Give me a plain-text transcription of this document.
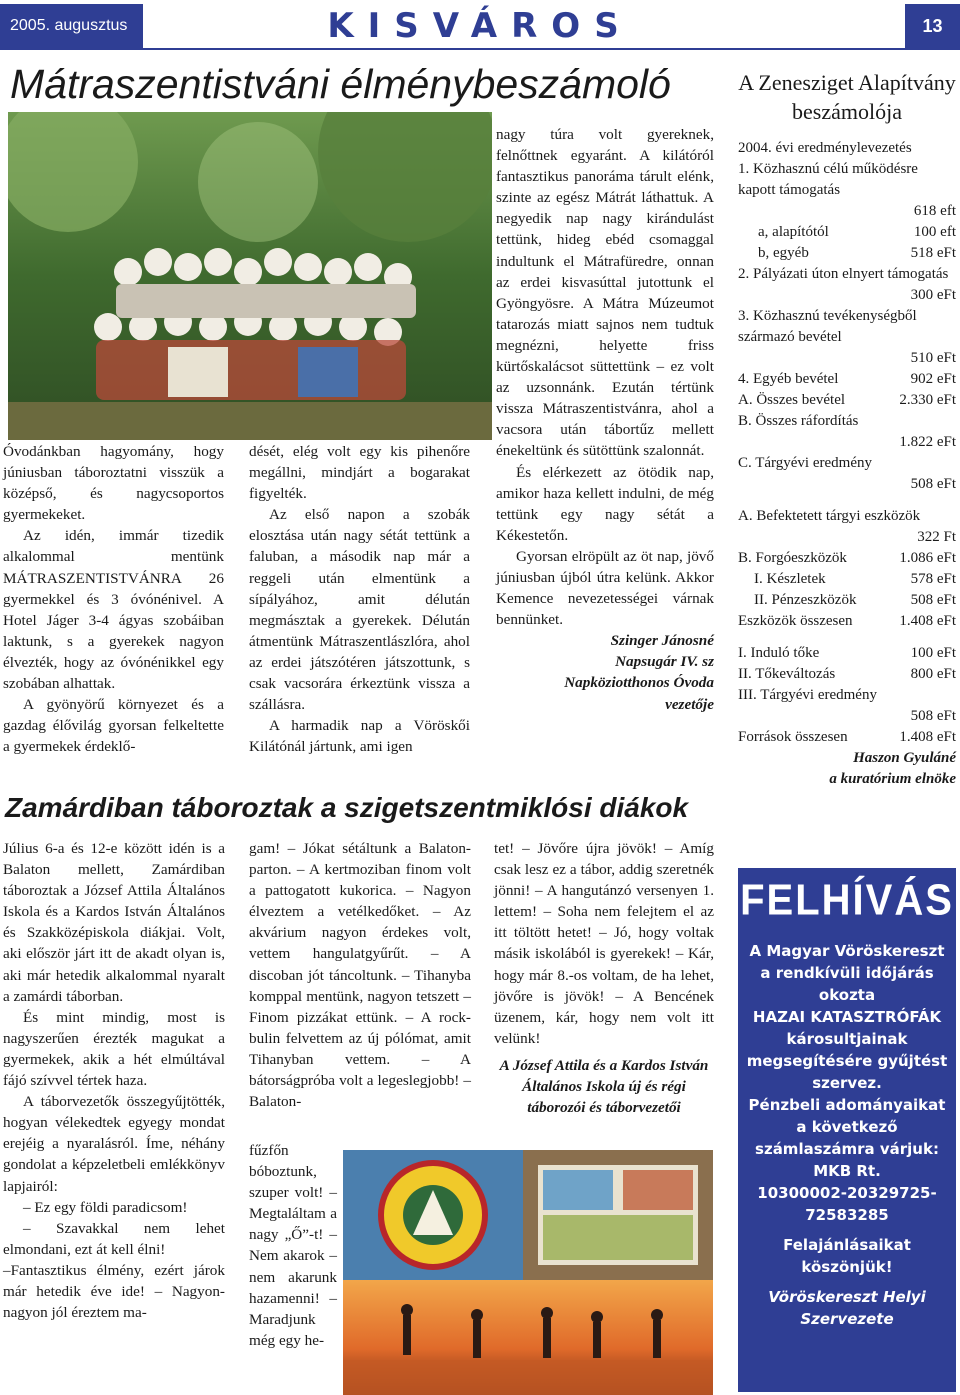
2005. augusztus	KISVÁROS	13
Mátraszentistváni élménybeszámoló

Óvodánkban hagyomány, hogy júniusban táboroztatni visszük a középső, és nagycsoportos gyermekeket.

Az idén, immár tizedik alkalommal mentünk MÁTRASZENTISTVÁNRA 26 gyermekkel és 3 óvónénivel. A Hotel Jáger 3-4 ágyas szobáiban laktunk, s a gyerekek nagyon élvezték, hogy az óvónénikkel egy szobában alhattak.

A gyönyörű környezet és a gazdag élővilág gyorsan felkeltette a gyermekek érdeklő-

dését, elég volt egy kis pihenőre megállni, mindjárt a bogarakat figyelték.

Az első napon a szobák elosztása után nagy sétát tettünk a faluban, a második nap már a reggeli után elmentünk a sípályához, amit délután megmásztak a gyerekek. Délután átmentünk Mátraszentlászlóra, ahol az erdei játszótéren játszottunk, s csak vacsorára érkeztünk vissza a szállásra.

A harmadik nap a Vöröskői Kilátónál jártunk, ami igen

nagy túra volt gyereknek, felnőttnek egyaránt. A kilátóról fantasztikus panoráma tárult elénk, szinte az egész Mátrát láthattuk. A negyedik nap nagy kirándulást tettünk, hideg ebéd csomaggal indultunk el Mátrafüredre, onnan az erdei kisvasúttal jutottunk el Gyöngyösre. A Mátra Múzeumot tatarozás miatt sajnos nem tudtuk megnézni, helyette friss kürtőskalácsot süttettünk – ez volt az uzsonnánk. Ezután tértünk vissza Mátraszentistvánra, ahol a vacsora után tábortűz mellett énekeltünk és sütöttünk szalonnát.

És elérkezett az ötödik nap, amikor haza kellett indulni, de még tettünk egy nagy sétát a Kékestetőn.

Gyorsan elröpült az öt nap, jövő júniusban újból útra kelünk. Akkor Kemence nevezetességei várnak bennünket.

Szinger Jánosné

Napsugár IV. sz

Napköziotthonos Óvoda

vezetője

Zamárdiban táboroztak a szigetszentmiklósi diákok

Július 6-a és 12-e között idén is a Balaton mellett, Zamárdiban táboroztak a József Attila Általános Iskola és a Kardos István Általános és Szakközépiskola diákjai. Volt, aki először járt itt de akadt olyan is, aki már hetedik alkalommal nyaralt a zamárdi táborban.

És mint mindig, most is nagyszerűen érezték magukat a gyermekek, akik a hét elmúltával fájó szívvel tértek haza.

A táborvezetők összegyűjtötték, hogyan vélekedtek egyegy mondat erejéig a nyaralásról. Íme, néhány gondolat a képzeletbeli emlékkönyv lapjairól:

– Ez egy földi paradicsom!

– Szavakkal nem lehet elmondani, ezt át kell élni!

–Fantasztikus élmény, ezért járok már hetedik éve ide! – Nagyon-nagyon jól éreztem ma-

gam! – Jókat sétáltunk a Balaton-parton. – A kertmoziban finom volt a pattogatott kukorica. – Nagyon élveztem a vetélkedőket. – Az akvárium nagyon érdekes volt, vettem hangulatgyűrűt. – A discoban jót táncoltunk. – Tihanyba komppal mentünk, nagyon tetszett – Finom pizzákat ettünk. – A rock-bulin felvettem az új pólómat, amit Tihanyban vettem. – A bátorságpróba volt a legeslegjobb! – Balaton-

fűzfőn bóboztunk, szuper volt! – Megtaláltam a nagy „Ő”-t! – Nem akarok – nem akarunk hazamenni! – Maradjunk még egy he-

tet! – Jövőre újra jövök! – Amíg csak lesz ez a tábor, addig szeretnék jönni! – A hangutánzó versenyen 1. lettem! – Soha nem felejtem el az itt töltött hetet! – Jó, hogy voltak másik iskolából is gyerekek! – Kár, hogy már 8.-os voltam, de ha lehet, jövőre is jövök! – A Bencének üzenem, kár, hogy nem volt itt velünk!

A József Attila és a Kardos István Általános Iskola új és régi táborozói és táborvezetői

A Zenesziget Alapítvány beszámolója
2004. évi eredménylevezetés
1. Közhasznú célú működésre kapott támogatás
618 eft
a, alapítótól	100 eft
b, egyéb	518 eFt
2. Pályázati úton elnyert támogatás
300 eFt
3. Közhasznú tevékenységből származó bevétel
510 eFt
4. Egyéb bevétel	902 eFt
A. Összes bevétel	2.330 eFt
B. Összes ráfordítás
1.822 eFt
C. Tárgyévi eredmény
508 eFt
A. Befektetett tárgyi eszközök
322 Ft
B. Forgóeszközök	1.086 eFt
I. Készletek	578 eFt
II. Pénzeszközök	508 eFt
Eszközök összesen	1.408 eFt
I. Induló tőke	100 eFt
II. Tőkeváltozás	800 eFt
III. Tárgyévi eredmény
508 eFt
Források összesen	1.408 eFt
Haszon Gyuláné
a kuratórium elnöke
FELHÍVÁS

A Magyar Vöröskereszt a rendkívüli időjárás okozta

HAZAI KATASZTRÓFÁK károsultjainak megsegítésére gyűjtést szervez.

Pénzbeli adományaikat a következő számlaszámra várjuk:

MKB Rt.

10300002-20329725-72583285

Felajánlásaikat köszönjük!

Vöröskereszt Helyi Szervezete
